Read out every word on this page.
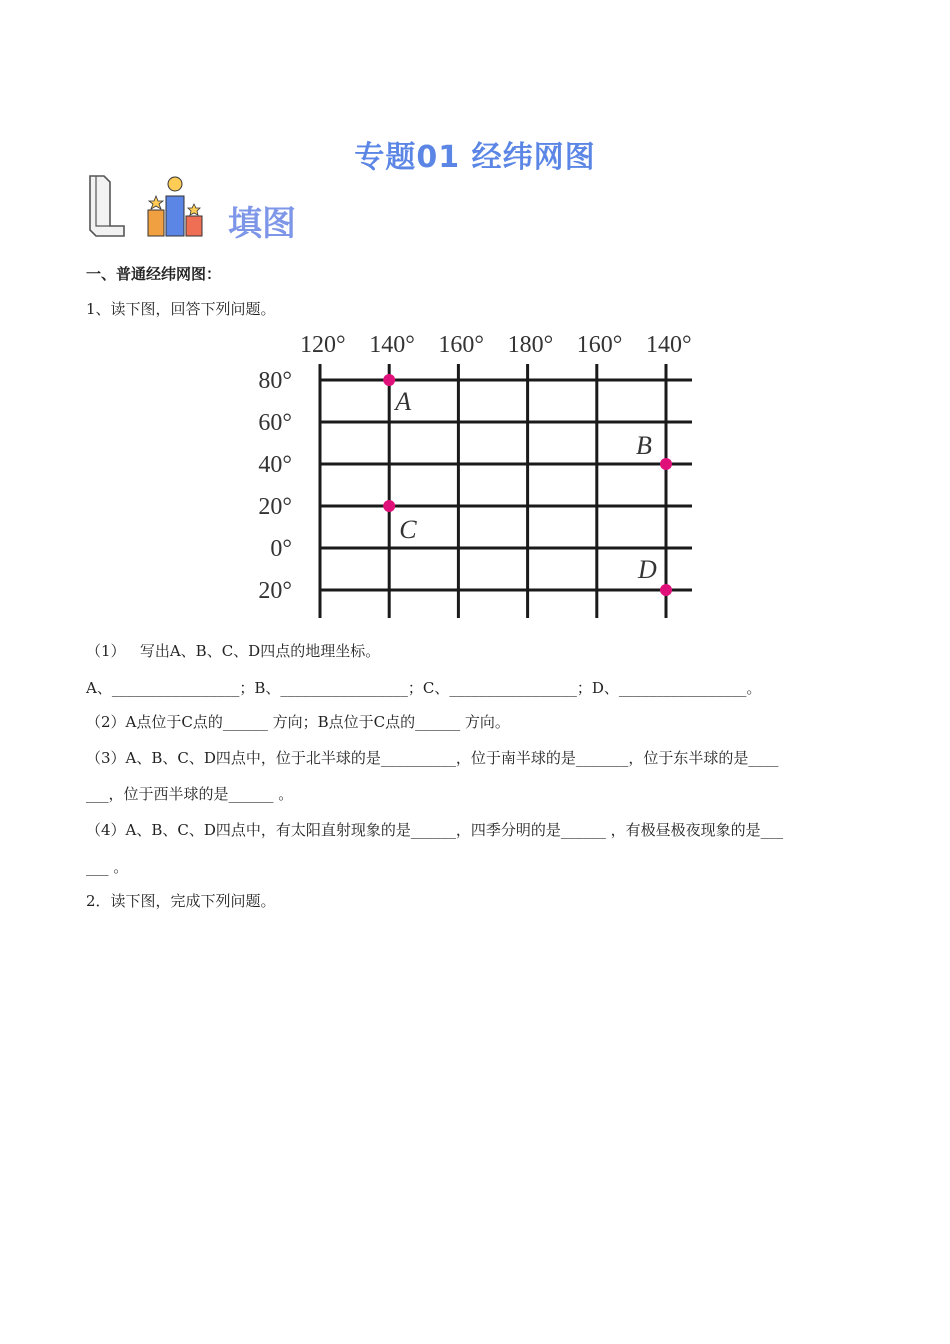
专题01 经纬网图
填图
一、普通经纬网图：
1、读下图，回答下列问题。
120° 140° 160° 180° 160° 140°
80°
60°
40°
20°
0°
20°
A
B
C
D
（1）   写出A、B、C、D四点的地理坐标。
A、_________________；B、_________________；C、_________________；D、_________________。
（2）A点位于C点的______ 方向；B点位于C点的______ 方向。
（3）A、B、C、D四点中，位于北半球的是__________，位于南半球的是_______，位于东半球的是____
___，位于西半球的是______ 。
（4）A、B、C、D四点中，有太阳直射现象的是______，四季分明的是______ ，有极昼极夜现象的是___
___ 。
2．读下图，完成下列问题。
